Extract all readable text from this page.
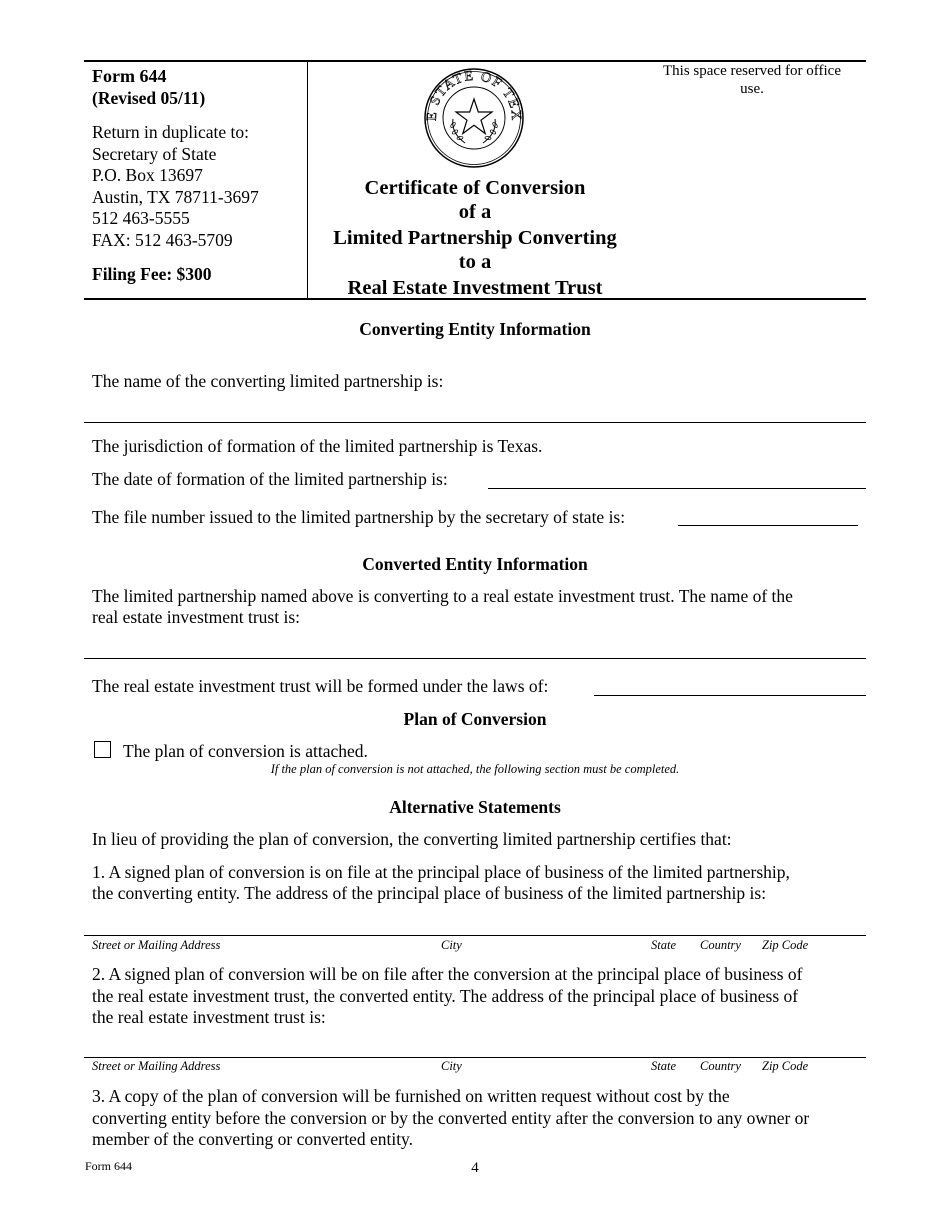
Form 644
(Revised 05/11)
Return in duplicate to:
Secretary of State
P.O. Box 13697
Austin, TX 78711-3697
512 463-5555
FAX: 512 463-5709
Filing Fee: $300
E STATE OF TEX
Certificate of Conversion
of a
Limited Partnership Converting
to a
Real Estate Investment Trust
This space reserved for office use.
Converting Entity Information
The name of the converting limited partnership is:
The jurisdiction of formation of the limited partnership is Texas.
The date of formation of the limited partnership is:
The file number issued to the limited partnership by the secretary of state is:
Converted Entity Information
The limited partnership named above is converting to a real estate investment trust. The name of the
real estate investment trust is:
The real estate investment trust will be formed under the laws of:
Plan of Conversion
The plan of conversion is attached.
If the plan of conversion is not attached, the following section must be completed.
Alternative Statements
In lieu of providing the plan of conversion, the converting limited partnership certifies that:
1. A signed plan of conversion is on file at the principal place of business of the limited partnership,
the converting entity. The address of the principal place of business of the limited partnership is:
Street or Mailing Address	City	State Country Zip Code
2. A signed plan of conversion will be on file after the conversion at the principal place of business of
the real estate investment trust, the converted entity. The address of the principal place of business of
the real estate investment trust is:
Street or Mailing Address	City	State Country Zip Code
3. A copy of the plan of conversion will be furnished on written request without cost by the
converting entity before the conversion or by the converted entity after the conversion to any owner or
member of the converting or converted entity.
Form 644	4
